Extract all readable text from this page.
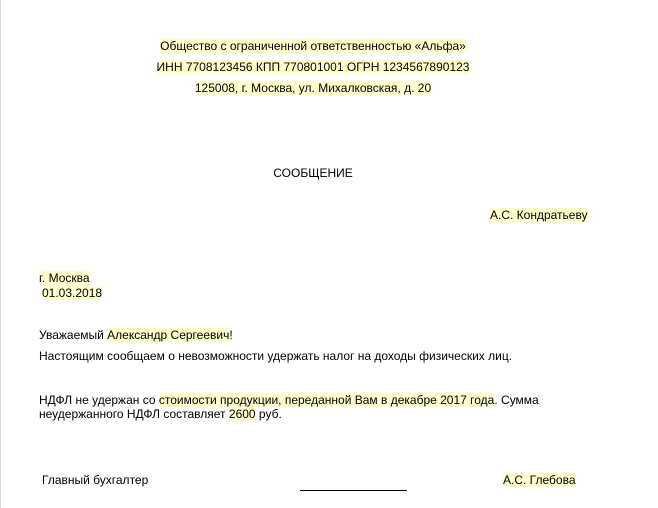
Общество с ограниченной ответственностью «Альфа»
ИНН 7708123456 КПП 770801001 ОГРН 1234567890123
125008, г. Москва, ул. Михалковская, д. 20
СООБЩЕНИЕ
А.С. Кондратьеву
г. Москва
01.03.2018
Уважаемый Александр Сергеевич!
Настоящим сообщаем о невозможности удержать налог на доходы физических лиц.
НДФЛ не удержан со стоимости продукции, переданной Вам в декабре 2017 года. Сумма
неудержанного НДФЛ составляет 2600 руб.
Главный бухгалтер	А.С. Глебова
